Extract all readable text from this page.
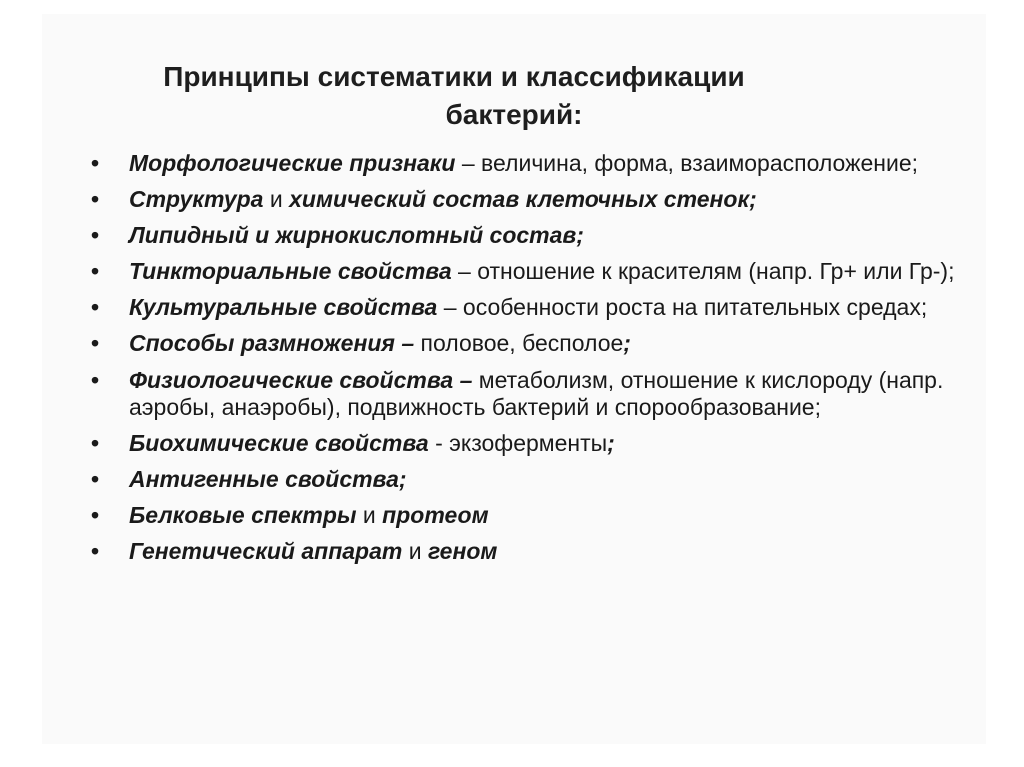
Принципы систематики и классификации
бактерий:
• Морфологические признаки – величина, форма, взаиморасположение;
• Структура и химический состав клеточных стенок;
• Липидный и жирнокислотный состав;
• Тинкториальные свойства – отношение к красителям (напр. Гр+ или Гр-);
• Культуральные свойства – особенности роста на питательных средах;
• Способы размножения – половое, бесполое;
• Физиологические свойства – метаболизм, отношение к кислороду (напр. аэробы, анаэробы), подвижность бактерий и спорообразование;
• Биохимические свойства - экзоферменты;
• Антигенные свойства;
• Белковые спектры и протеом
• Генетический аппарат и геном
